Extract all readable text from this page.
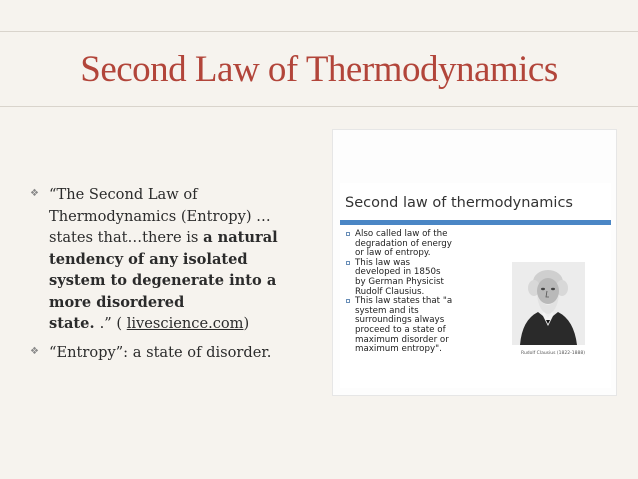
Second Law of Thermodynamics
❖ “The Second Law of
Thermodynamics (Entropy) …
states that…there is a natural
tendency of any isolated
system to degenerate into a
more disordered
state. .” ( livescience.com)
❖ “Entropy”: a state of disorder.
Second law of thermodynamics
Also called law of the
degradation of energy
or law of entropy.
This law was
developed in 1850s
by German Physicist
Rudolf Clausius.
This law states that "a
system and its
surroundings always
proceed to a state of
maximum disorder or
maximum entropy".	Rudolf Clausius (1822-1888)
